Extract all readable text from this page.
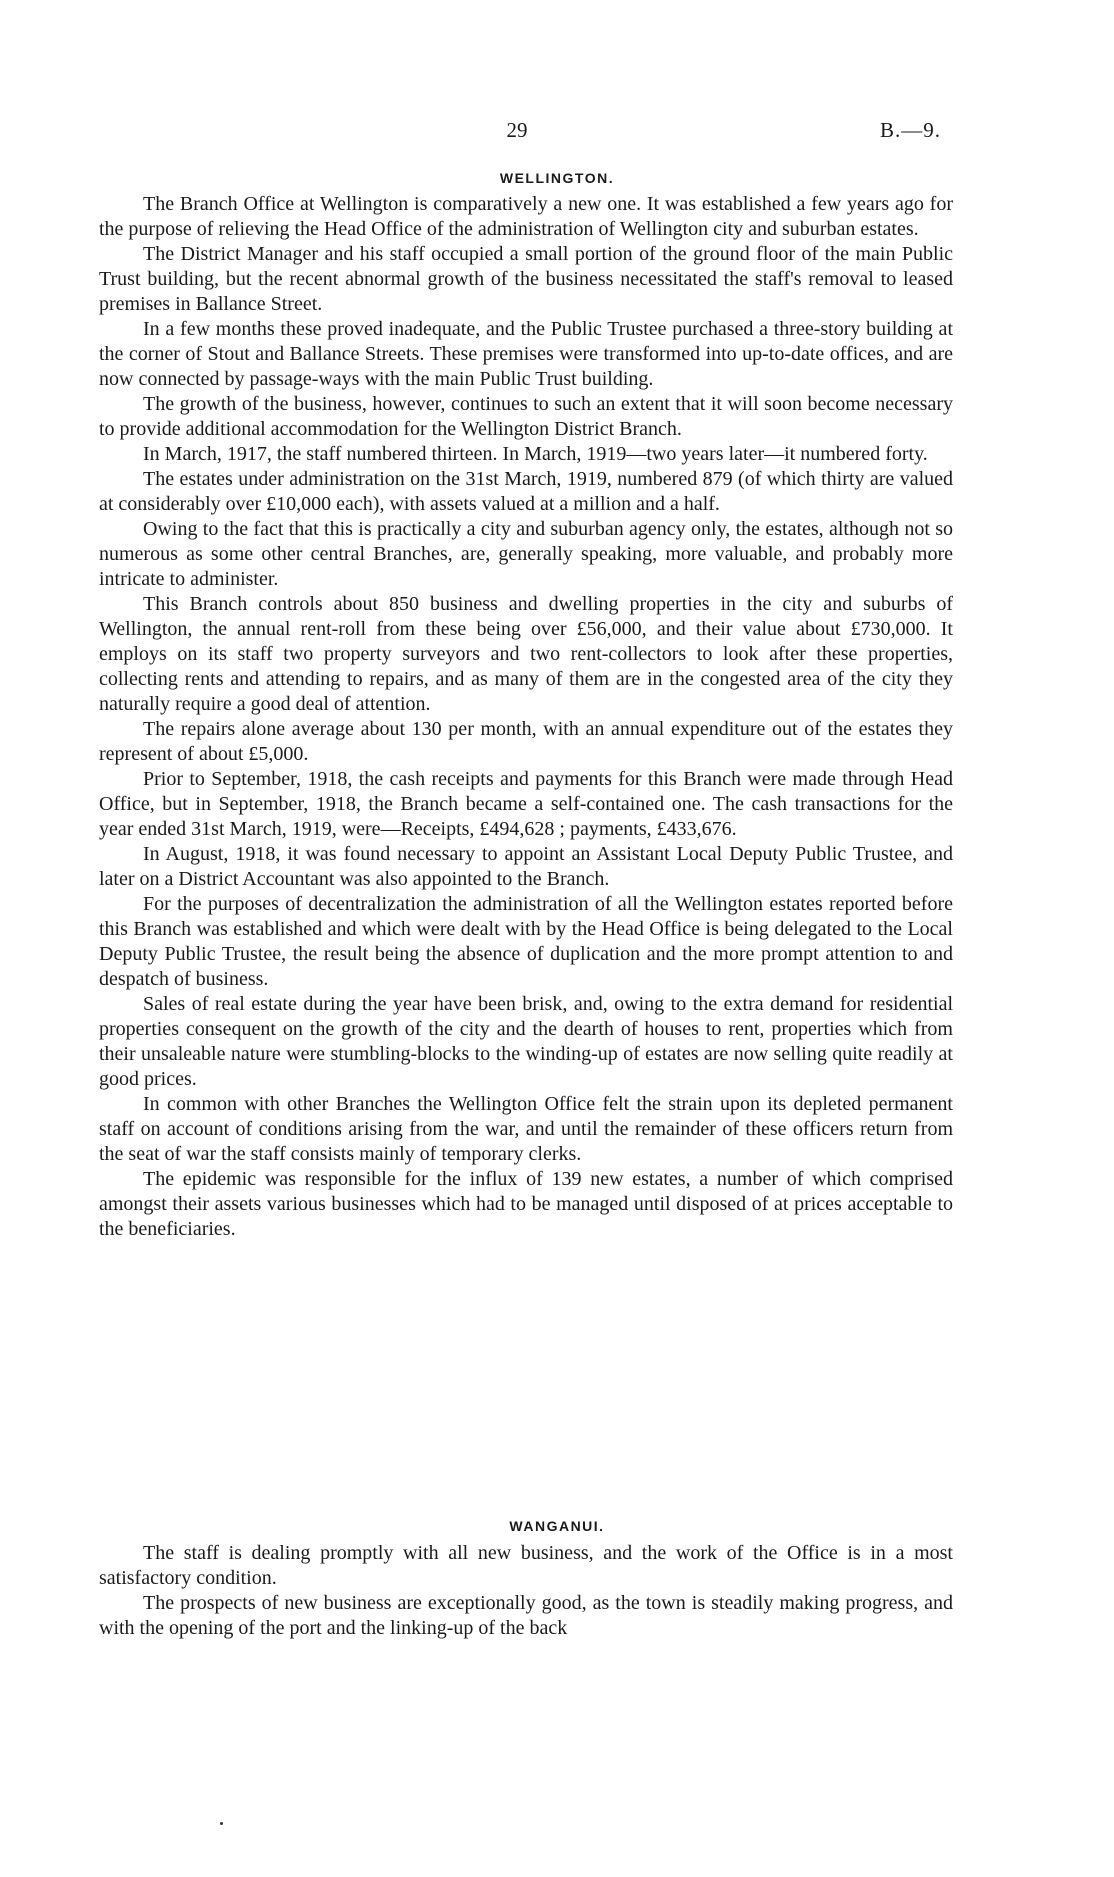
29	B.—9.
WELLINGTON.

The Branch Office at Wellington is comparatively a new one. It was established a few years ago for the purpose of relieving the Head Office of the administration of Wellington city and suburban estates.

The District Manager and his staff occupied a small portion of the ground floor of the main Public Trust building, but the recent abnormal growth of the business necessitated the staff's removal to leased premises in Ballance Street.

In a few months these proved inadequate, and the Public Trustee purchased a three-story building at the corner of Stout and Ballance Streets. These premises were transformed into up-to-date offices, and are now connected by passage-ways with the main Public Trust building.

The growth of the business, however, continues to such an extent that it will soon become necessary to provide additional accommodation for the Wellington District Branch.

In March, 1917, the staff numbered thirteen. In March, 1919—two years later—it numbered forty.

The estates under administration on the 31st March, 1919, numbered 879 (of which thirty are valued at considerably over £10,000 each), with assets valued at a million and a half.

Owing to the fact that this is practically a city and suburban agency only, the estates, although not so numerous as some other central Branches, are, generally speaking, more valuable, and probably more intricate to administer.

This Branch controls about 850 business and dwelling properties in the city and suburbs of Wellington, the annual rent-roll from these being over £56,000, and their value about £730,000. It employs on its staff two property surveyors and two rent-collectors to look after these properties, collecting rents and attending to repairs, and as many of them are in the congested area of the city they naturally require a good deal of attention.

The repairs alone average about 130 per month, with an annual expenditure out of the estates they represent of about £5,000.

Prior to September, 1918, the cash receipts and payments for this Branch were made through Head Office, but in September, 1918, the Branch became a self-contained one. The cash transactions for the year ended 31st March, 1919, were—Receipts, £494,628 ; payments, £433,676.

In August, 1918, it was found necessary to appoint an Assistant Local Deputy Public Trustee, and later on a District Accountant was also appointed to the Branch.

For the purposes of decentralization the administration of all the Wellington estates reported before this Branch was established and which were dealt with by the Head Office is being delegated to the Local Deputy Public Trustee, the result being the absence of duplication and the more prompt attention to and despatch of business.

Sales of real estate during the year have been brisk, and, owing to the extra demand for residential properties consequent on the growth of the city and the dearth of houses to rent, properties which from their unsaleable nature were stumbling-blocks to the winding-up of estates are now selling quite readily at good prices.

In common with other Branches the Wellington Office felt the strain upon its depleted permanent staff on account of conditions arising from the war, and until the remainder of these officers return from the seat of war the staff consists mainly of temporary clerks.

The epidemic was responsible for the influx of 139 new estates, a number of which comprised amongst their assets various businesses which had to be managed until disposed of at prices acceptable to the beneficiaries.

WANGANUI.

The staff is dealing promptly with all new business, and the work of the Office is in a most satisfactory condition.

The prospects of new business are exceptionally good, as the town is steadily making progress, and with the opening of the port and the linking-up of the back
